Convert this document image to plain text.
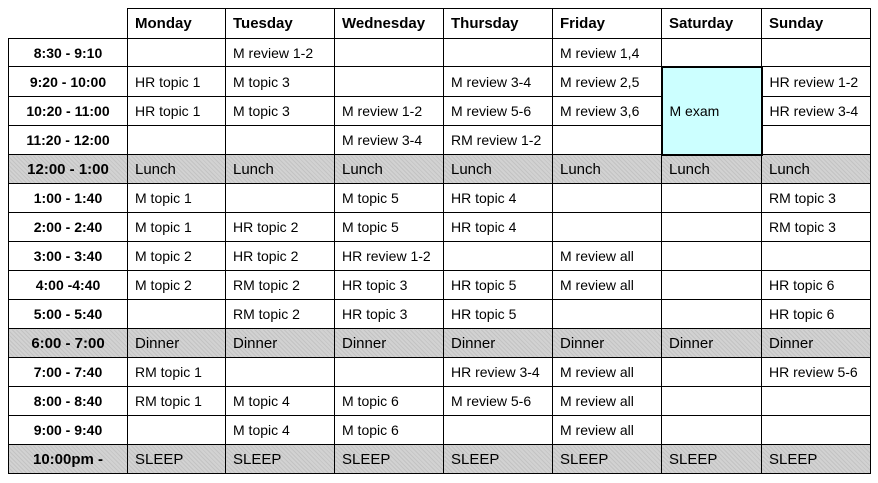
	Monday	Tuesday	Wednesday	Thursday	Friday	Saturday	Sunday
8:30 - 9:10		M review 1-2			M review 1,4		
9:20 - 10:00	HR topic 1	M topic 3		M review 3-4	M review 2,5	M exam	HR review 1-2
10:20 - 11:00	HR topic 1	M topic 3	M review 1-2	M review 5-6	M review 3,6		HR review 3-4
11:20 - 12:00			M review 3-4	RM review 1-2			
12:00 - 1:00	Lunch	Lunch	Lunch	Lunch	Lunch	Lunch	Lunch
1:00 - 1:40	M topic 1		M topic 5	HR topic 4			RM topic 3
2:00 - 2:40	M topic 1	HR topic 2	M topic 5	HR topic 4			RM topic 3
3:00 - 3:40	M topic 2	HR topic 2	HR review 1-2		M review all		
4:00 -4:40	M topic 2	RM topic 2	HR topic 3	HR topic 5	M review all		HR topic 6
5:00 - 5:40		RM topic 2	HR topic 3	HR topic 5			HR topic 6
6:00 - 7:00	Dinner	Dinner	Dinner	Dinner	Dinner	Dinner	Dinner
7:00 - 7:40	RM topic 1			HR review 3-4	M review all		HR review 5-6
8:00 - 8:40	RM topic 1	M topic 4	M topic 6	M review 5-6	M review all		
9:00 - 9:40		M topic 4	M topic 6		M review all		
10:00pm -	SLEEP	SLEEP	SLEEP	SLEEP	SLEEP	SLEEP	SLEEP
